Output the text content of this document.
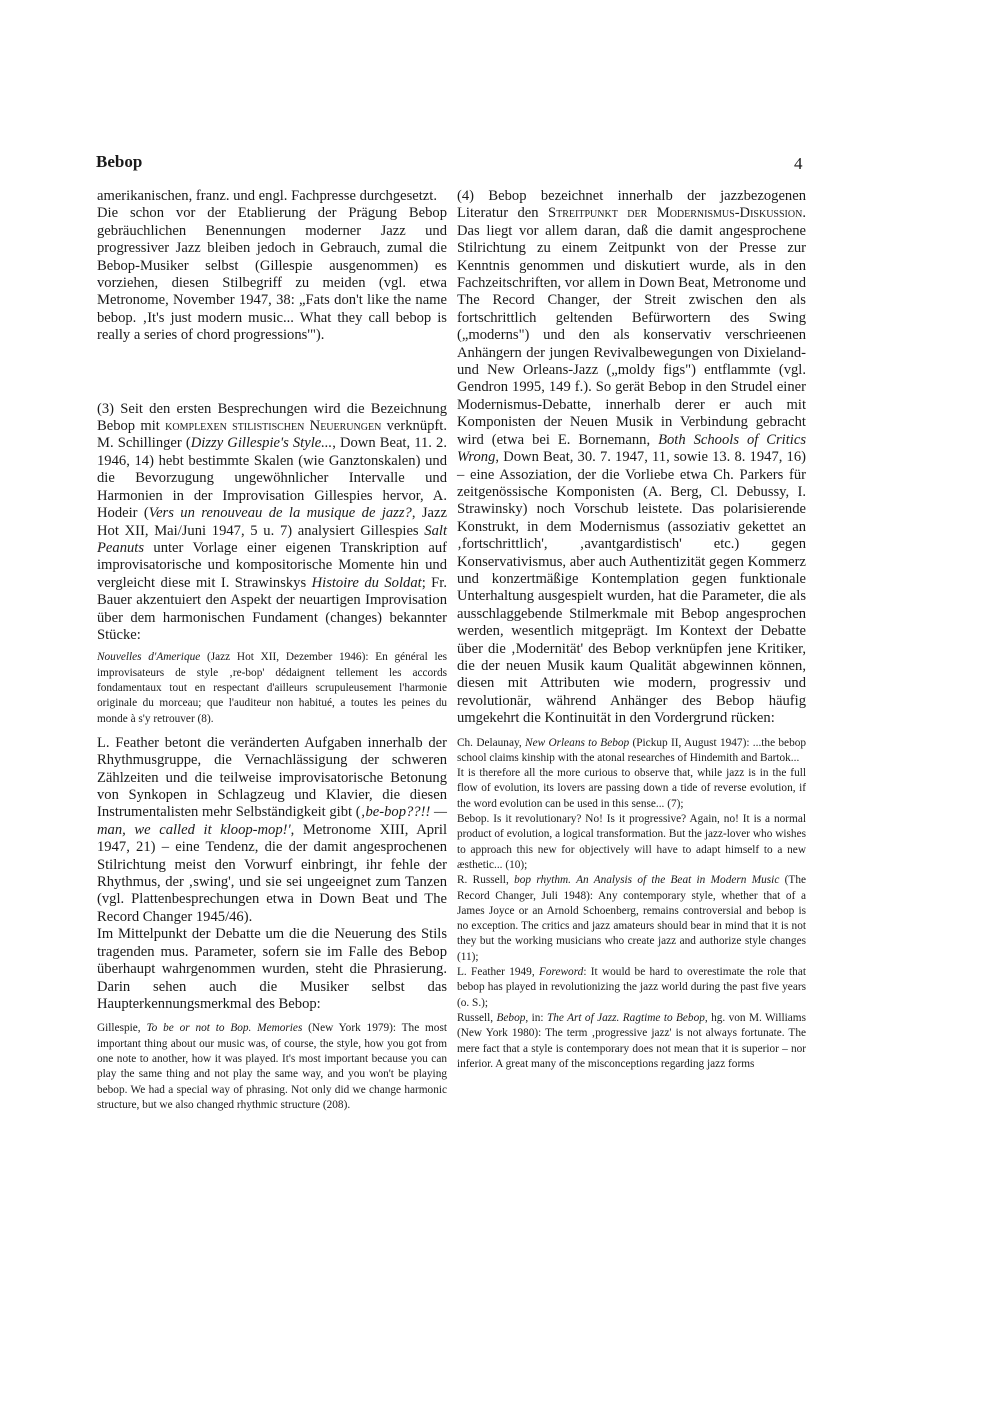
Bebop	4

amerikanischen, franz. und engl. Fachpresse durchgesetzt.

Die schon vor der Etablierung der Prägung Bebop gebräuchlichen Benennungen moderner Jazz und progressiver Jazz bleiben jedoch in Gebrauch, zumal die Bebop-Musiker selbst (Gillespie ausgenommen) es vorziehen, diesen Stilbegriff zu meiden (vgl. etwa Metronome, November 1947, 38: „Fats don't like the name bebop. ‚It's just modern music... What they call bebop is really a series of chord progressions'").

(3) Seit den ersten Besprechungen wird die Bezeichnung Bebop mit komplexen stilistischen Neuerungen verknüpft. M. Schillinger (Dizzy Gillespie's Style..., Down Beat, 11. 2. 1946, 14) hebt bestimmte Skalen (wie Ganztonskalen) und die Bevorzugung ungewöhnlicher Intervalle und Harmonien in der Improvisation Gillespies hervor, A. Hodeir (Vers un renouveau de la musique de jazz?, Jazz Hot XII, Mai/Juni 1947, 5 u. 7) analysiert Gillespies Salt Peanuts unter Vorlage einer eigenen Transkription auf improvisatorische und kompositorische Momente hin und vergleicht diese mit I. Strawinskys Histoire du Soldat; Fr. Bauer akzentuiert den Aspekt der neuartigen Improvisation über dem harmonischen Fundament (changes) bekannter Stücke:

Nouvelles d'Amerique (Jazz Hot XII, Dezember 1946): En général les improvisateurs de style ‚re-bop' dédaignent tellement les accords fondamentaux tout en respectant d'ailleurs scrupuleusement l'harmonie originale du morceau; que l'auditeur non habitué, a toutes les peines du monde à s'y retrouver (8).

L. Feather betont die veränderten Aufgaben innerhalb der Rhythmusgruppe, die Vernachlässigung der schweren Zählzeiten und die teilweise improvisatorische Betonung von Synkopen in Schlagzeug und Klavier, die diesen Instrumentalisten mehr Selbständigkeit gibt (‚be-bop??!! — man, we called it kloop-mop!', Metronome XIII, April 1947, 21) – eine Tendenz, die der damit angesprochenen Stilrichtung meist den Vorwurf einbringt, ihr fehle der Rhythmus, der ‚swing', und sie sei ungeeignet zum Tanzen (vgl. Plattenbesprechungen etwa in Down Beat und The Record Changer 1945/46).

Im Mittelpunkt der Debatte um die die Neuerung des Stils tragenden mus. Parameter, sofern sie im Falle des Bebop überhaupt wahrgenommen wurden, steht die Phrasierung. Darin sehen auch die Musiker selbst das Haupterkennungsmerkmal des Bebop:

Gillespie, To be or not to Bop. Memories (New York 1979): The most important thing about our music was, of course, the style, how you got from one note to another, how it was played. It's most important because you can play the same thing and not play the same way, and you won't be playing bebop. We had a special way of phrasing. Not only did we change harmonic structure, but we also changed rhythmic structure (208).

(4) Bebop bezeichnet innerhalb der jazzbezogenen Literatur den Streitpunkt der Modernismus-Diskussion. Das liegt vor allem daran, daß die damit angesprochene Stilrichtung zu einem Zeitpunkt von der Presse zur Kenntnis genommen und diskutiert wurde, als in den Fachzeitschriften, vor allem in Down Beat, Metronome und The Record Changer, der Streit zwischen den als fortschrittlich geltenden Befürwortern des Swing („moderns") und den als konservativ verschrieenen Anhängern der jungen Revivalbewegungen von Dixieland- und New Orleans-Jazz („moldy figs") entflammte (vgl. Gendron 1995, 149 f.). So gerät Bebop in den Strudel einer Modernismus-Debatte, innerhalb derer er auch mit Komponisten der Neuen Musik in Verbindung gebracht wird (etwa bei E. Bornemann, Both Schools of Critics Wrong, Down Beat, 30. 7. 1947, 11, sowie 13. 8. 1947, 16) – eine Assoziation, der die Vorliebe etwa Ch. Parkers für zeitgenössische Komponisten (A. Berg, Cl. Debussy, I. Strawinsky) noch Vorschub leistete. Das polarisierende Konstrukt, in dem Modernismus (assoziativ gekettet an ‚fortschrittlich', ‚avantgardistisch' etc.) gegen Konservativismus, aber auch Authentizität gegen Kommerz und konzertmäßige Kontemplation gegen funktionale Unterhaltung ausgespielt wurden, hat die Parameter, die als ausschlaggebende Stilmerkmale mit Bebop angesprochen werden, wesentlich mitgeprägt. Im Kontext der Debatte über die ‚Modernität' des Bebop verknüpfen jene Kritiker, die der neuen Musik kaum Qualität abgewinnen können, diesen mit Attributen wie modern, progressiv und revolutionär, während Anhänger des Bebop häufig umgekehrt die Kontinuität in den Vordergrund rücken:

Ch. Delaunay, New Orleans to Bebop (Pickup II, August 1947): ...the bebop school claims kinship with the atonal researches of Hindemith and Bartok...

It is therefore all the more curious to observe that, while jazz is in the full flow of evolution, its lovers are passing down a tide of reverse evolution, if the word evolution can be used in this sense... (7);

Bebop. Is it revolutionary? No! Is it progressive? Again, no! It is a normal product of evolution, a logical transformation. But the jazz-lover who wishes to approach this new for objectively will have to adapt himself to a new æsthetic... (10);

R. Russell, bop rhythm. An Analysis of the Beat in Modern Music (The Record Changer, Juli 1948): Any contemporary style, whether that of a James Joyce or an Arnold Schoenberg, remains controversial and bebop is no exception. The critics and jazz amateurs should bear in mind that it is not they but the working musicians who create jazz and authorize style changes (11);

L. Feather 1949, Foreword: It would be hard to overestimate the role that bebop has played in revolutionizing the jazz world during the past five years (o. S.);

Russell, Bebop, in: The Art of Jazz. Ragtime to Bebop, hg. von M. Williams (New York 1980): The term ‚progressive jazz' is not always fortunate. The mere fact that a style is contemporary does not mean that it is superior – nor inferior. A great many of the misconceptions regarding jazz forms
